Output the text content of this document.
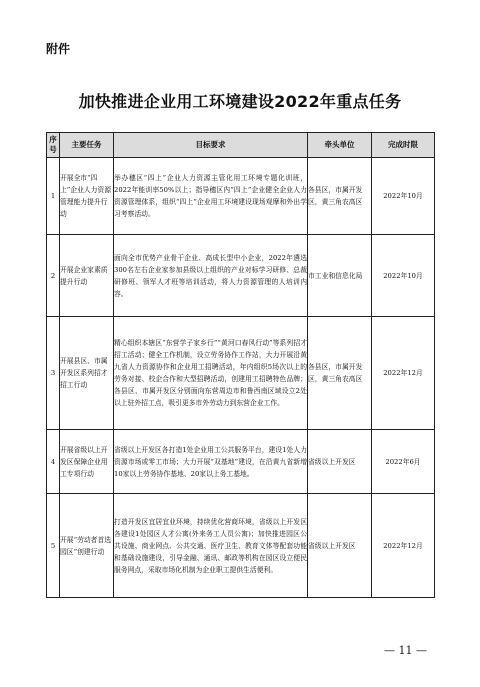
附件
加快推进企业用工环境建设2022年重点任务
序号	主要任务	目标要求	牵头单位	完成时限
1	开展全市“四上”企业人力资源管理能力提升行动	举办穗区“四上”企业人力资源主管化用工环境专题化训班，2022年能训率50%以上；指导穗区内“四上”企业健全企业人力资源管理体系，组织“四上”企业用工环境建设现场观摩和外出学习考察活动。	各县区，市属开发区，黄三角农高区	2022年10月
2	开展企业家素质提升行动	面向全市优势产业骨干企业、高成长型中小企业，2022年遴选300名左右企业家参加县级以上组织的产业对标学习研修、总裁研修班、领军人才班等培训活动，将人力资源管理的人培训内容。	市工业和信息化局	2022年10月
3	开展县区、市属开发区系列招才招工行动	精心组织本辖区“东营学子家乡行”“黄河口春风行动”等系列招才招工活动；健全工作机制，设立劳务协作工作站，大力开展沿黄九省人力资源协作和企业用工招聘活动，年内组织5场次以上的劳务对接、校企合作和大型招聘活动，创建用工招聘特色品牌；各县区、市属开发区分别面向东营周边市和鲁西南区域设立2处以上驻外招工点，吸引更多市外劳动力到东营企业工作。	各县区，市属开发区，黄三角农高区	2022年12月
4	开展省级以上开发区保障企业用工专项行动	省级以上开发区各打造1处企业用工公共服务平台，建设1处人力资源市场或零工市场；大力开展“双基地”建设，在沿黄九省新增10家以上劳务协作基地、20家以上务工基地。	省级以上开发区	2022年6月
5	开展“劳动者首选园区”创建行动	打造开发区宜居宜业环境，持续优化营商环境，省级以上开发区各建设1处园区人才公寓(外来务工人员公寓)；加快推进园区公共设施、商业网点、公共交通、医疗卫生、教育文体等配套功能和基础设施建设，引导金融、通讯、邮政等机构在园区设立便民服务网点，采取市场化机制为企业职工提供生活便利。	省级以上开发区	2022年12月
— 11 —
